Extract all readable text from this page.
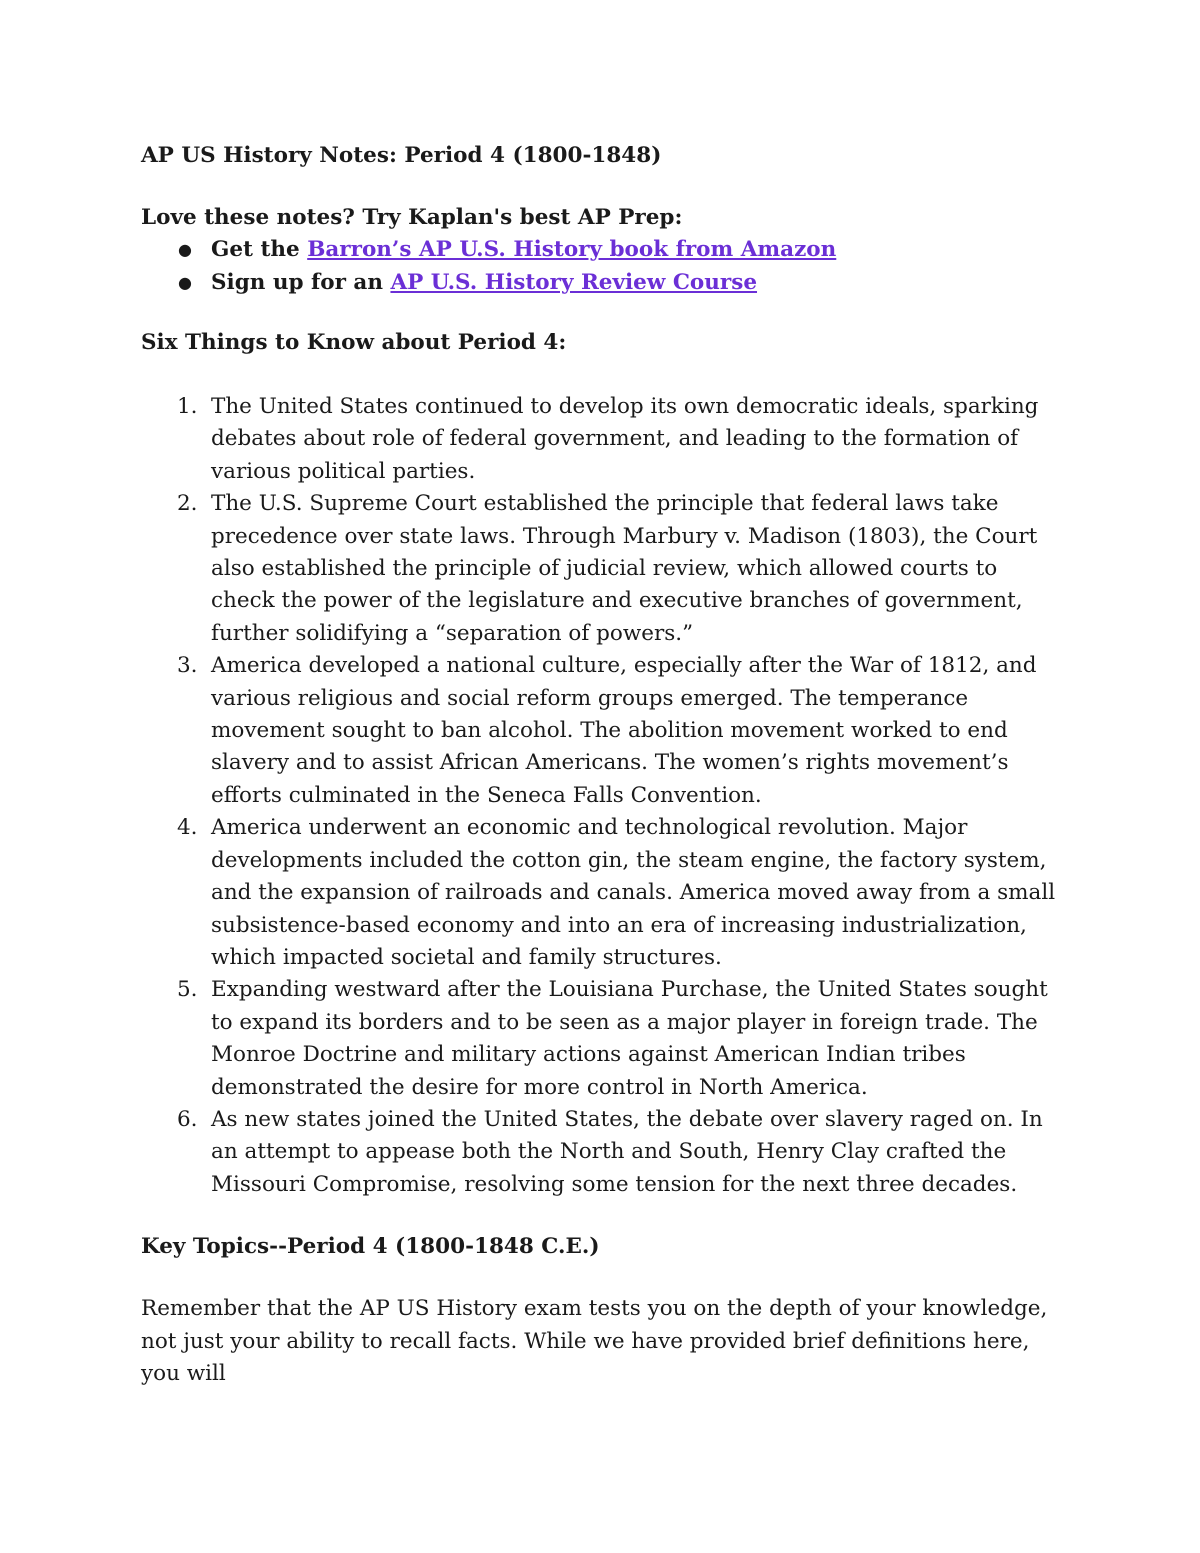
AP US History Notes: Period 4 (1800-1848)
Love these notes? Try Kaplan's best AP Prep:
● Get the Barron’s AP U.S. History book from Amazon
● Sign up for an AP U.S. History Review Course
Six Things to Know about Period 4:
1. The United States continued to develop its own democratic ideals, sparking debates about role of federal government, and leading to the formation of various political parties.
2. The U.S. Supreme Court established the principle that federal laws take precedence over state laws. Through Marbury v. Madison (1803), the Court also established the principle of judicial review, which allowed courts to check the power of the legislature and executive branches of government, further solidifying a “separation of powers.”
3. America developed a national culture, especially after the War of 1812, and various religious and social reform groups emerged. The temperance movement sought to ban alcohol. The abolition movement worked to end slavery and to assist African Americans. The women’s rights movement’s efforts culminated in the Seneca Falls Convention.
4. America underwent an economic and technological revolution. Major developments included the cotton gin, the steam engine, the factory system, and the expansion of railroads and canals. America moved away from a small subsistence-based economy and into an era of increasing industrialization, which impacted societal and family structures.
5. Expanding westward after the Louisiana Purchase, the United States sought to expand its borders and to be seen as a major player in foreign trade. The Monroe Doctrine and military actions against American Indian tribes demonstrated the desire for more control in North America.
6. As new states joined the United States, the debate over slavery raged on. In an attempt to appease both the North and South, Henry Clay crafted the Missouri Compromise, resolving some tension for the next three decades.
Key Topics--Period 4 (1800-1848 C.E.)
Remember that the AP US History exam tests you on the depth of your knowledge, not just your ability to recall facts. While we have provided brief definitions here, you will
